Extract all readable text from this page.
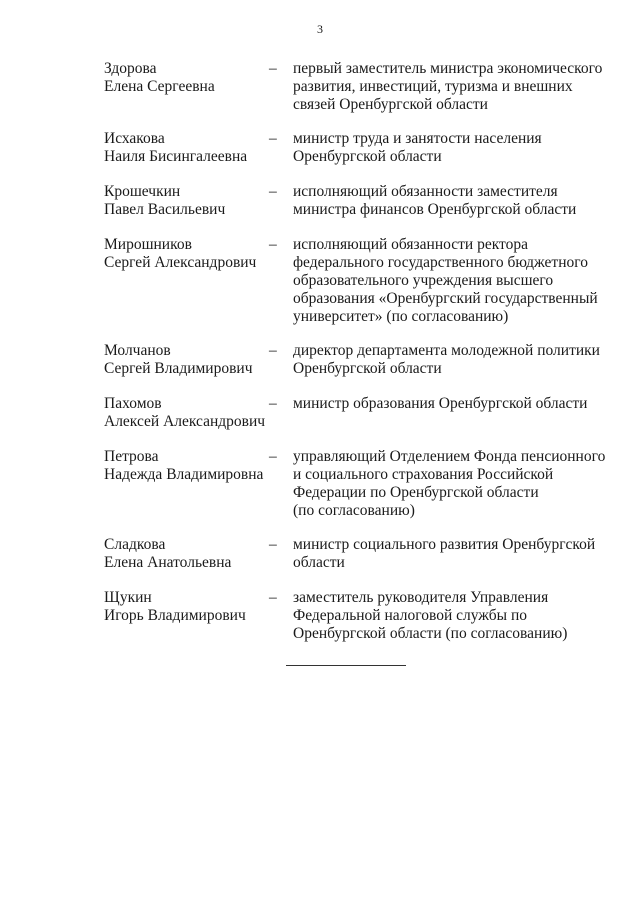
3
Здорова
Елена Сергеевна
–	первый заместитель министра экономического
развития, инвестиций, туризма и внешних
связей Оренбургской области
Исхакова
Наиля Бисингалеевна
–	министр труда и занятости населения
Оренбургской области
Крошечкин
Павел Васильевич
–	исполняющий обязанности заместителя
министра финансов Оренбургской области
Мирошников
Сергей Александрович
–	исполняющий обязанности ректора
федерального государственного бюджетного
образовательного учреждения высшего
образования «Оренбургский государственный
университет» (по согласованию)
Молчанов
Сергей Владимирович
–	директор департамента молодежной политики
Оренбургской области
Пахомов
Алексей Александрович
–	министр образования Оренбургской области
Петрова
Надежда Владимировна
–	управляющий Отделением Фонда пенсионного
и социального страхования Российской
Федерации по Оренбургской области
(по согласованию)
Сладкова
Елена Анатольевна
–	министр социального развития Оренбургской
области
Щукин
Игорь Владимирович
–	заместитель руководителя Управления
Федеральной налоговой службы по
Оренбургской области (по согласованию)
